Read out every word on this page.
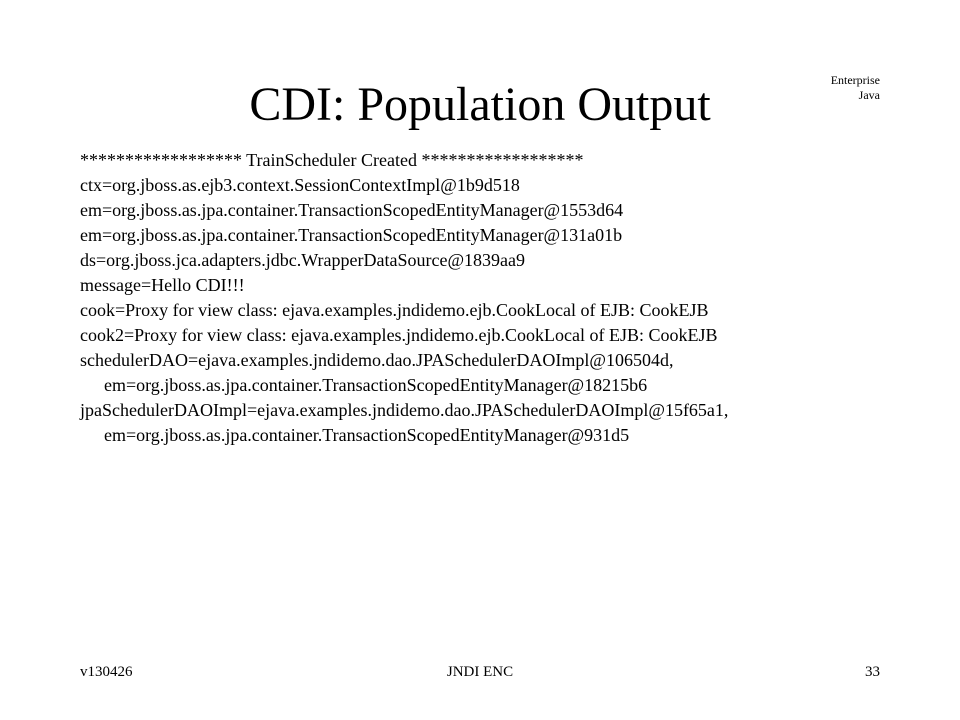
Enterprise
Java
CDI: Population Output
****************** TrainScheduler Created ******************
ctx=org.jboss.as.ejb3.context.SessionContextImpl@1b9d518
em=org.jboss.as.jpa.container.TransactionScopedEntityManager@1553d64
em=org.jboss.as.jpa.container.TransactionScopedEntityManager@131a01b
ds=org.jboss.jca.adapters.jdbc.WrapperDataSource@1839aa9
message=Hello CDI!!!
cook=Proxy for view class: ejava.examples.jndidemo.ejb.CookLocal of EJB: CookEJB
cook2=Proxy for view class: ejava.examples.jndidemo.ejb.CookLocal of EJB: CookEJB
schedulerDAO=ejava.examples.jndidemo.dao.JPASchedulerDAOImpl@106504d,
em=org.jboss.as.jpa.container.TransactionScopedEntityManager@18215b6
jpaSchedulerDAOImpl=ejava.examples.jndidemo.dao.JPASchedulerDAOImpl@15f65a1,
em=org.jboss.as.jpa.container.TransactionScopedEntityManager@931d5
v130426	JNDI ENC	33
